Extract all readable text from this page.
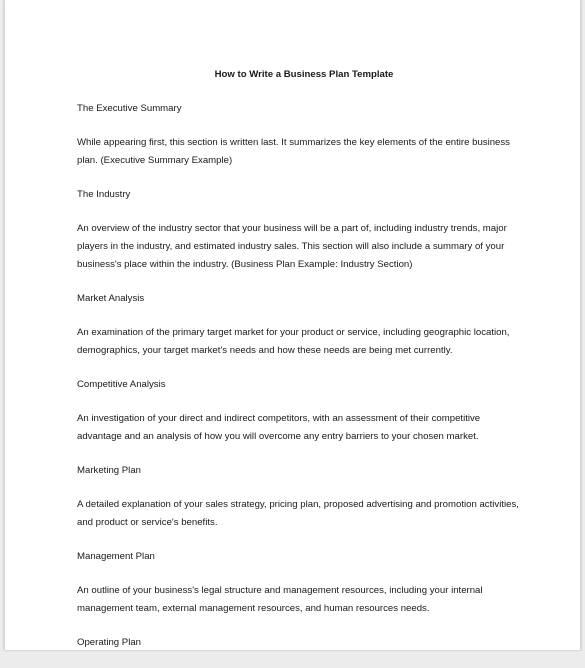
How to Write a Business Plan Template
The Executive Summary
While appearing first, this section is written last. It summarizes the key elements of the entire business
plan. (Executive Summary Example)
The Industry
An overview of the industry sector that your business will be a part of, including industry trends, major
players in the industry, and estimated industry sales. This section will also include a summary of your
business's place within the industry. (Business Plan Example: Industry Section)
Market Analysis
An examination of the primary target market for your product or service, including geographic location,
demographics, your target market's needs and how these needs are being met currently.
Competitive Analysis
An investigation of your direct and indirect competitors, with an assessment of their competitive
advantage and an analysis of how you will overcome any entry barriers to your chosen market.
Marketing Plan
A detailed explanation of your sales strategy, pricing plan, proposed advertising and promotion activities,
and product or service's benefits.
Management Plan
An outline of your business's legal structure and management resources, including your internal
management team, external management resources, and human resources needs.
Operating Plan
